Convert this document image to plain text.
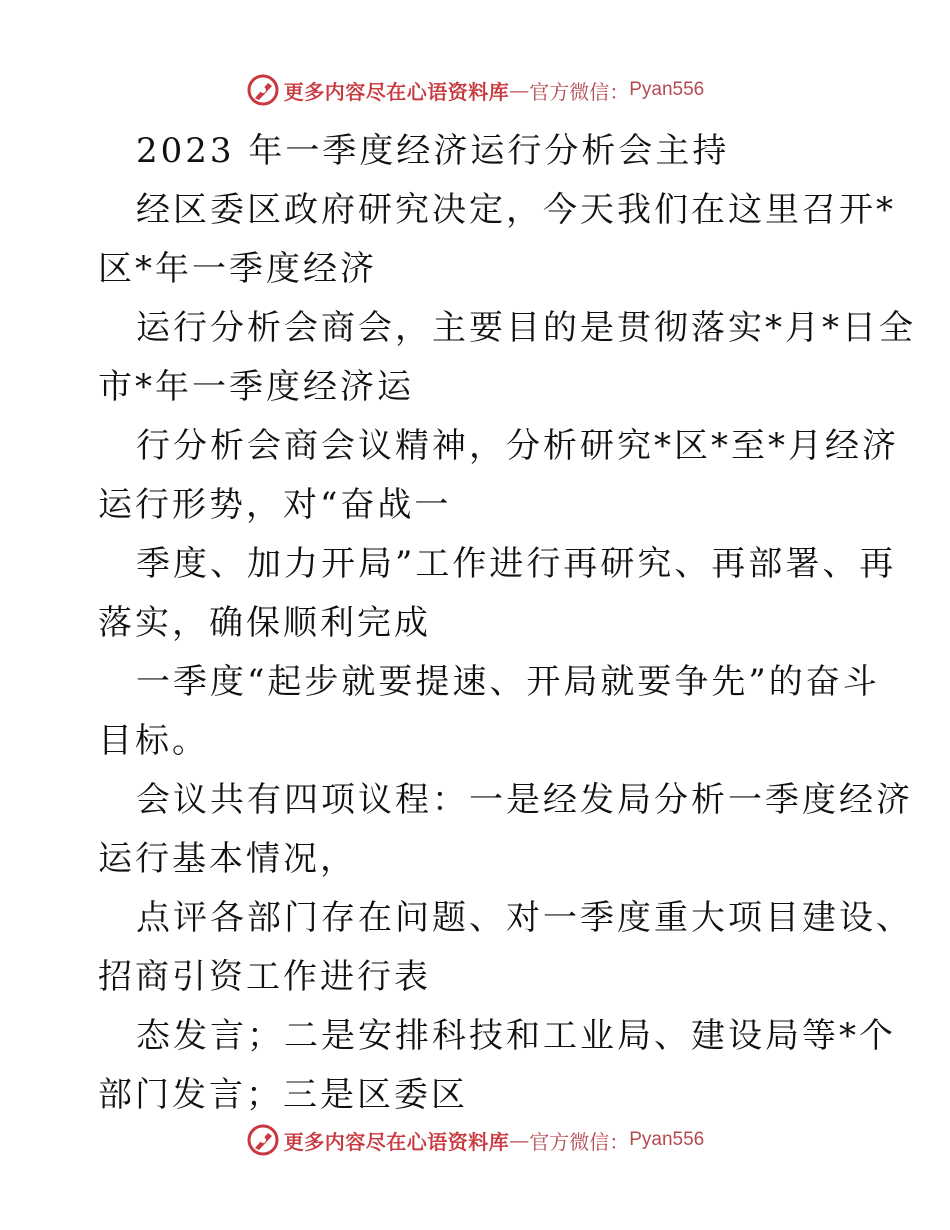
更多内容尽在心语资料库 — 官方微信： Pyan556
2023 年一季度经济运行分析会主持
经区委区政府研究决定，今天我们在这里召开*
区*年一季度经济
运行分析会商会，主要目的是贯彻落实*月*日全
市*年一季度经济运
行分析会商会议精神，分析研究*区*至*月经济
运行形势，对“奋战一
季度、加力开局”工作进行再研究、再部署、再
落实，确保顺利完成
一季度“起步就要提速、开局就要争先”的奋斗
目标。
会议共有四项议程：一是经发局分析一季度经济
运行基本情况，
点评各部门存在问题、对一季度重大项目建设、
招商引资工作进行表
态发言；二是安排科技和工业局、建设局等*个
部门发言；三是区委区
更多内容尽在心语资料库 — 官方微信： Pyan556
